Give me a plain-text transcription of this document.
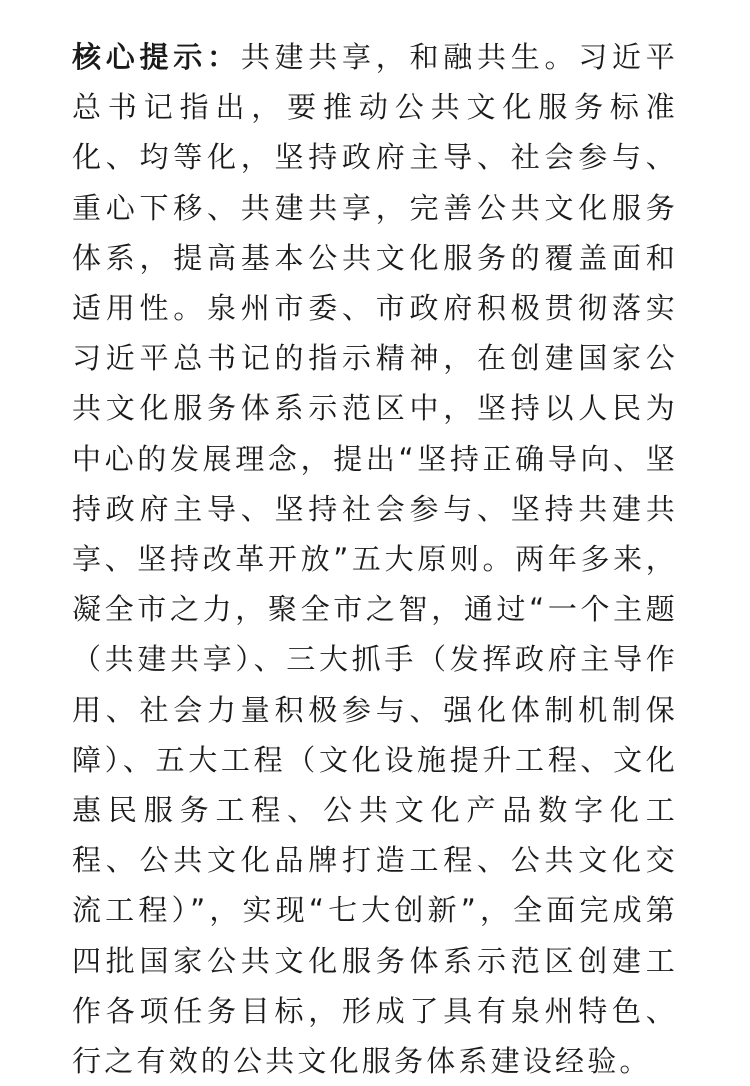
核心提示：共建共享，和融共生。习近平总书记指出，要推动公共文化服务标准化、均等化，坚持政府主导、社会参与、重心下移、共建共享，完善公共文化服务体系，提高基本公共文化服务的覆盖面和适用性。泉州市委、市政府积极贯彻落实习近平总书记的指示精神，在创建国家公共文化服务体系示范区中，坚持以人民为中心的发展理念，提出“坚持正确导向、坚持政府主导、坚持社会参与、坚持共建共享、坚持改革开放”五大原则。两年多来，凝全市之力，聚全市之智，通过“一个主题（共建共享）、三大抓手（发挥政府主导作用、社会力量积极参与、强化体制机制保障）、五大工程（文化设施提升工程、文化惠民服务工程、公共文化产品数字化工程、公共文化品牌打造工程、公共文化交流工程）”，实现“七大创新”，全面完成第四批国家公共文化服务体系示范区创建工作各项任务目标，形成了具有泉州特色、行之有效的公共文化服务体系建设经验。
